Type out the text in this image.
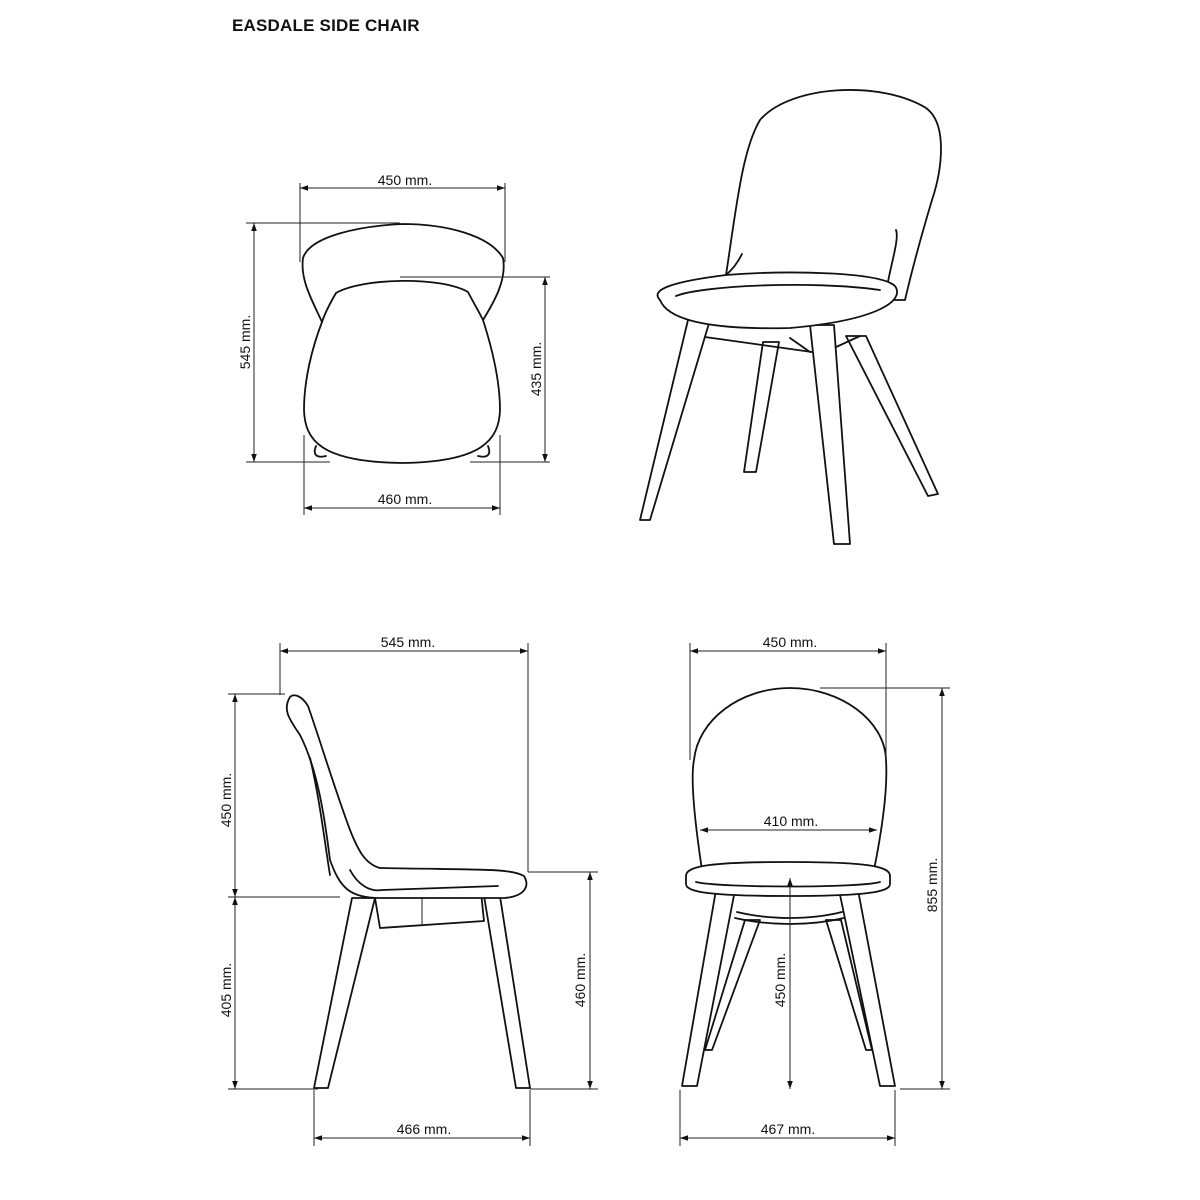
EASDALE SIDE CHAIR
450 mm.
545 mm.	435 mm.
460 mm.
545 mm.
450 mm.
405 mm.	460 mm.
466 mm.
450 mm.
410 mm.
450 mm.
855 mm.
467 mm.
